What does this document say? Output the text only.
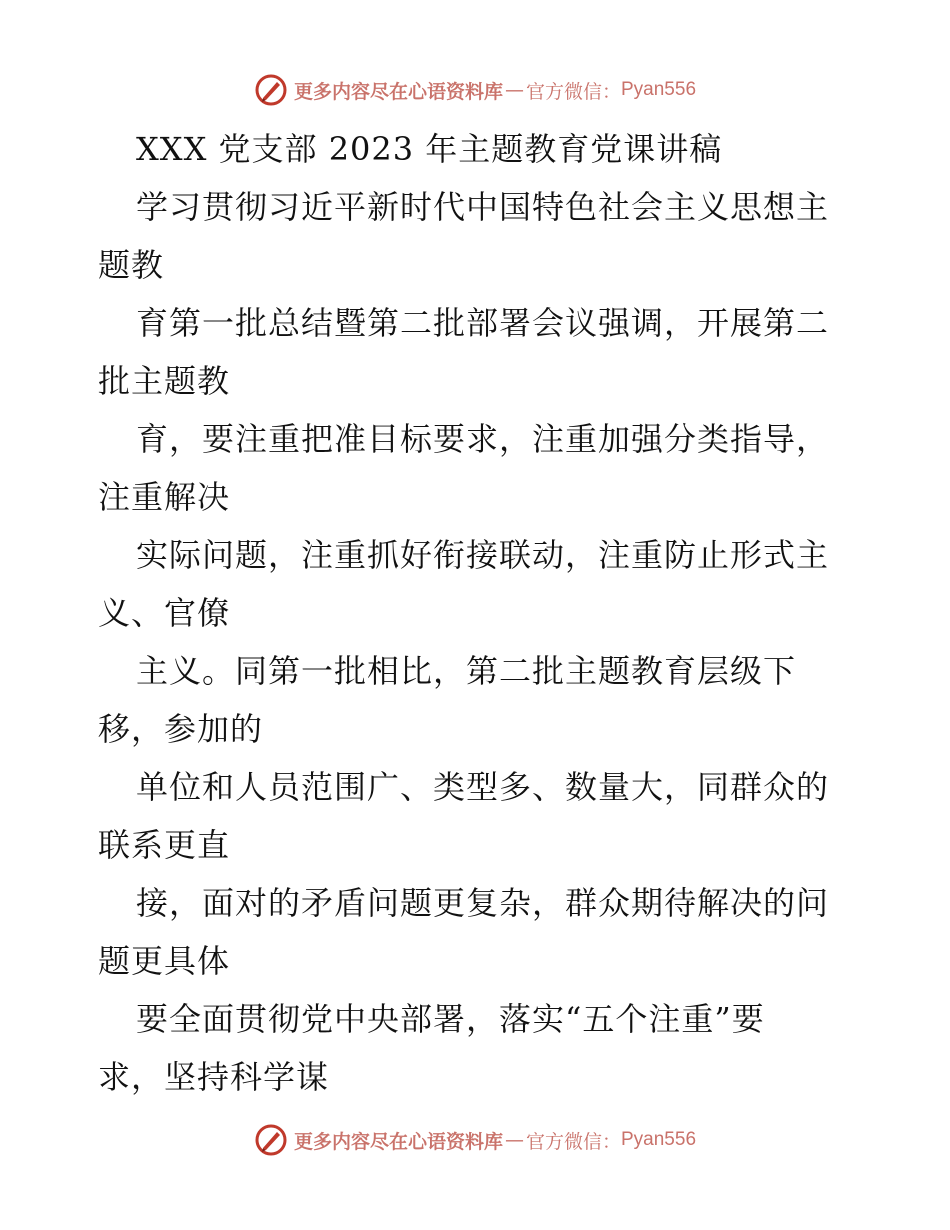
更多内容尽在心语资料库 — 官方微信： Pyan556
XXX 党支部 2023 年主题教育党课讲稿
学习贯彻习近平新时代中国特色社会主义思想主
题教
育第一批总结暨第二批部署会议强调，开展第二
批主题教
育，要注重把准目标要求，注重加强分类指导，
注重解决
实际问题，注重抓好衔接联动，注重防止形式主
义、官僚
主义。同第一批相比，第二批主题教育层级下
移，参加的
单位和人员范围广、类型多、数量大，同群众的
联系更直
接，面对的矛盾问题更复杂，群众期待解决的问
题更具体
要全面贯彻党中央部署，落实“五个注重”要
求，坚持科学谋
更多内容尽在心语资料库 — 官方微信： Pyan556
